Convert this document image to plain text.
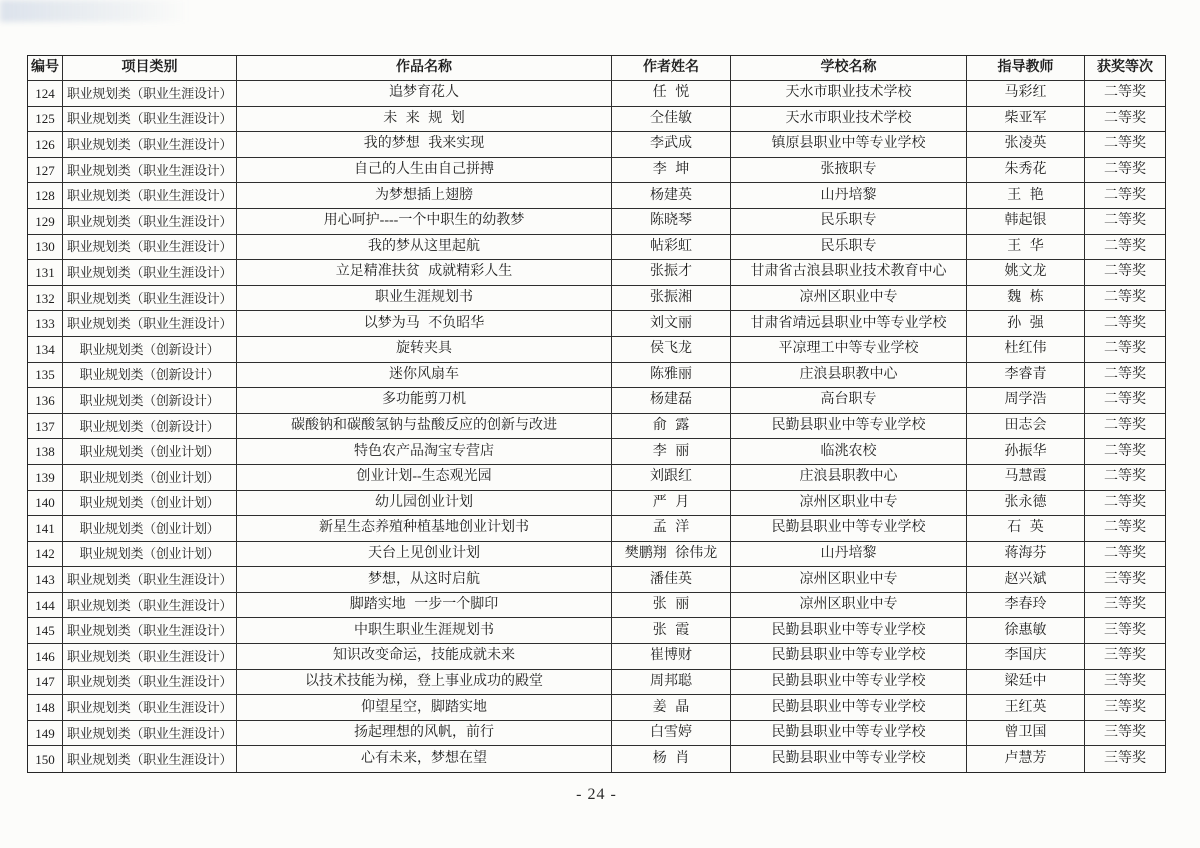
编号	项目类别	作品名称	作者姓名	学校名称	指导教师	获奖等次
124 职业规划类（职业生涯设计）	追梦育花人	任 悦	天水市职业技术学校	马彩红	二等奖
125 职业规划类（职业生涯设计）	未 来 规 划	仝佳敏	天水市职业技术学校	柴亚军	二等奖
126 职业规划类（职业生涯设计）	我的梦想 我来实现	李武成	镇原县职业中等专业学校	张凌英	二等奖
127 职业规划类（职业生涯设计）	自己的人生由自己拼搏	李 坤	张掖职专	朱秀花	二等奖
128 职业规划类（职业生涯设计）	为梦想插上翅膀	杨建英	山丹培黎	王 艳	二等奖
129 职业规划类（职业生涯设计）	用心呵护----一个中职生的幼教梦	陈晓琴	民乐职专	韩起银	二等奖
130 职业规划类（职业生涯设计）	我的梦从这里起航	帖彩虹	民乐职专	王 华	二等奖
131 职业规划类（职业生涯设计）	立足精准扶贫 成就精彩人生	张振才	甘肃省古浪县职业技术教育中心	姚文龙	二等奖
132 职业规划类（职业生涯设计）	职业生涯规划书	张振湘	凉州区职业中专	魏 栋	二等奖
133 职业规划类（职业生涯设计）	以梦为马 不负昭华	刘文丽	甘肃省靖远县职业中等专业学校	孙 强	二等奖
134	职业规划类（创新设计）	旋转夹具	侯飞龙	平凉理工中等专业学校	杜红伟	二等奖
135	职业规划类（创新设计）	迷你风扇车	陈雅丽	庄浪县职教中心	李睿青	二等奖
136	职业规划类（创新设计）	多功能剪刀机	杨建磊	高台职专	周学浩	二等奖
137	职业规划类（创新设计）	碳酸钠和碳酸氢钠与盐酸反应的创新与改进	俞 露	民勤县职业中等专业学校	田志会	二等奖
138	职业规划类（创业计划）	特色农产品淘宝专营店	李 丽	临洮农校	孙振华	二等奖
139	职业规划类（创业计划）	创业计划--生态观光园	刘跟红	庄浪县职教中心	马慧霞	二等奖
140	职业规划类（创业计划）	幼儿园创业计划	严 月	凉州区职业中专	张永德	二等奖
141	职业规划类（创业计划）	新星生态养殖种植基地创业计划书	孟 洋	民勤县职业中等专业学校	石 英	二等奖
142	职业规划类（创业计划）	天台上见创业计划	樊鹏翔 徐伟龙	山丹培黎	蒋海芬	二等奖
143 职业规划类（职业生涯设计）	梦想，从这时启航	潘佳英	凉州区职业中专	赵兴斌	三等奖
144 职业规划类（职业生涯设计）	脚踏实地 一步一个脚印	张 丽	凉州区职业中专	李春玲	三等奖
145 职业规划类（职业生涯设计）	中职生职业生涯规划书	张 霞	民勤县职业中等专业学校	徐惠敏	三等奖
146 职业规划类（职业生涯设计）	知识改变命运，技能成就未来	崔博财	民勤县职业中等专业学校	李国庆	三等奖
147 职业规划类（职业生涯设计）	以技术技能为梯，登上事业成功的殿堂	周邦聪	民勤县职业中等专业学校	梁廷中	三等奖
148 职业规划类（职业生涯设计）	仰望星空，脚踏实地	姜 晶	民勤县职业中等专业学校	王红英	三等奖
149 职业规划类（职业生涯设计）	扬起理想的风帆，前行	白雪婷	民勤县职业中等专业学校	曾卫国	三等奖
150 职业规划类（职业生涯设计）	心有未来，梦想在望	杨 肖	民勤县职业中等专业学校	卢慧芳	三等奖
- 24 -
